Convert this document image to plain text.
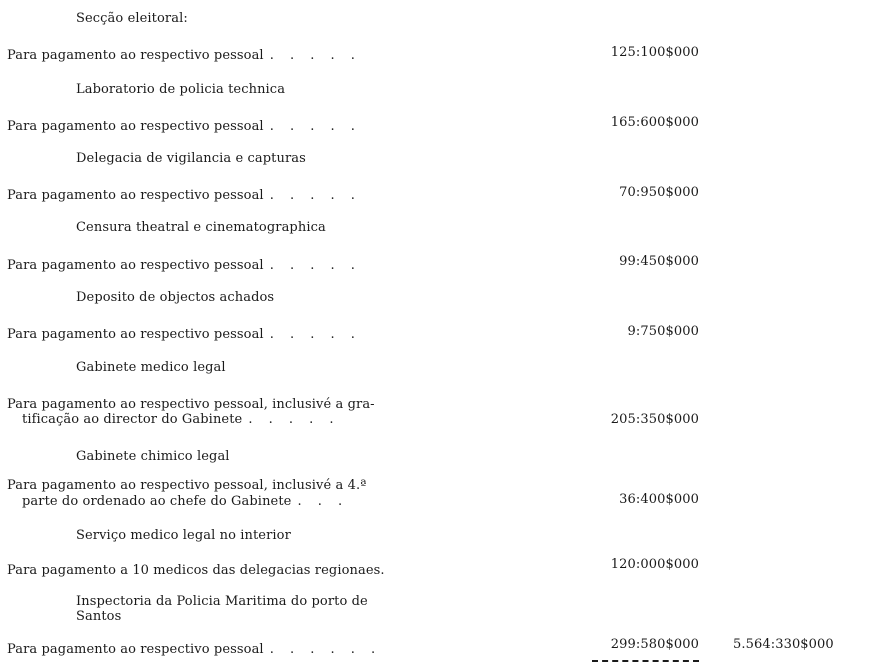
Secção eleitoral:
Para pagamento ao respectivo pessoal . . . . .	125:100$000
Laboratorio de policia technica
Para pagamento ao respectivo pessoal . . . . .	165:600$000
Delegacia de vigilancia e capturas
Para pagamento ao respectivo pessoal . . . . .	70:950$000
Censura theatral e cinematographica
Para pagamento ao respectivo pessoal . . . . .	99:450$000
Deposito de objectos achados
Para pagamento ao respectivo pessoal . . . . .	9:750$000
Gabinete medico legal
Para pagamento ao respectivo pessoal, inclusivé a gra-
tificação ao director do Gabinete . . . . .	205:350$000
Gabinete chimico legal
Para pagamento ao respectivo pessoal, inclusivé a 4.ª
parte do ordenado ao chefe do Gabinete . . .	36:400$000
Serviço medico legal no interior
Para pagamento a 10 medicos das delegacias regionaes.	120:000$000
Inspectoria da Policia Maritima do porto de
Santos
Para pagamento ao respectivo pessoal . . . . . .	299:580$000	5.564:330$000
